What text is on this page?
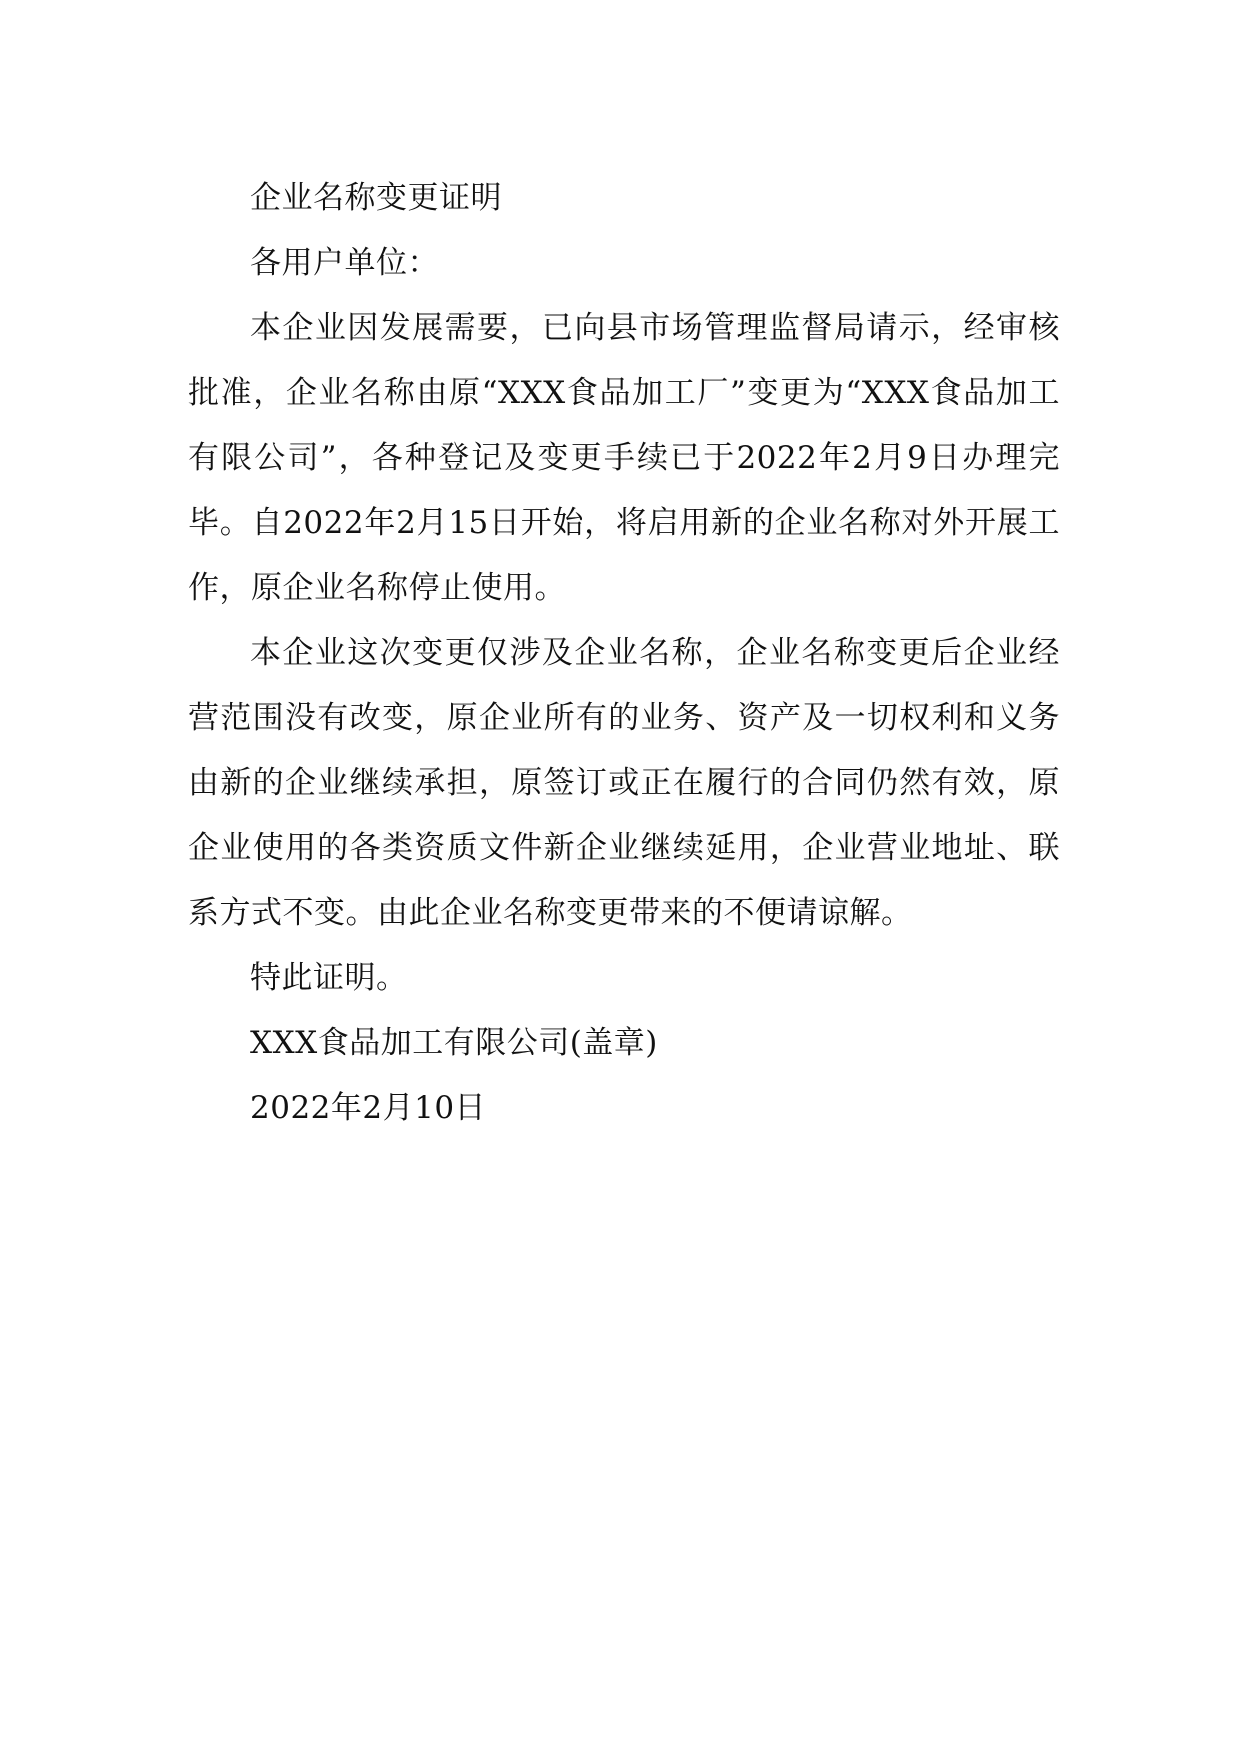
企业名称变更证明

各用户单位：

本企业因发展需要，已向县市场管理监督局请示，经审核批准，企业名称由原“XXX食品加工厂”变更为“XXX食品加工有限公司”，各种登记及变更手续已于2022年2月9日办理完毕。自2022年2月15日开始，将启用新的企业名称对外开展工作，原企业名称停止使用。

本企业这次变更仅涉及企业名称，企业名称变更后企业经营范围没有改变，原企业所有的业务、资产及一切权利和义务由新的企业继续承担，原签订或正在履行的合同仍然有效，原企业使用的各类资质文件新企业继续延用，企业营业地址、联系方式不变。由此企业名称变更带来的不便请谅解。

特此证明。

XXX食品加工有限公司(盖章)

2022年2月10日
